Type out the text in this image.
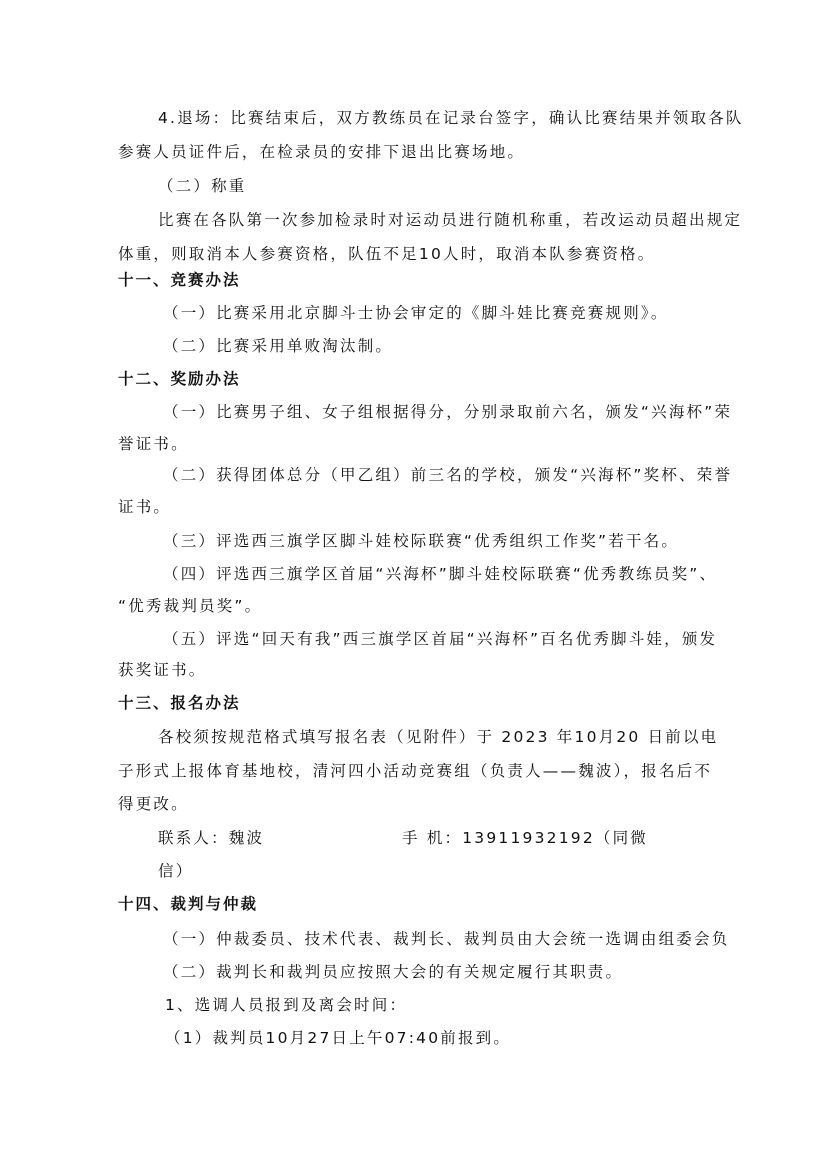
4.退场：比赛结束后，双方教练员在记录台签字，确认比赛结果并领取各队
参赛人员证件后，在检录员的安排下退出比赛场地。
（二）称重
比赛在各队第一次参加检录时对运动员进行随机称重，若改运动员超出规定
体重，则取消本人参赛资格，队伍不足10人时，取消本队参赛资格。
十一、竞赛办法
（一）比赛采用北京脚斗士协会审定的《脚斗娃比赛竞赛规则》。
（二）比赛采用单败淘汰制。
十二、奖励办法
（一）比赛男子组、女子组根据得分，分别录取前六名，颁发“兴海杯”荣
誉证书。
（二）获得团体总分（甲乙组）前三名的学校，颁发“兴海杯”奖杯、荣誉
证书。
（三）评选西三旗学区脚斗娃校际联赛“优秀组织工作奖”若干名。
（四）评选西三旗学区首届“兴海杯”脚斗娃校际联赛“优秀教练员奖”、
“优秀裁判员奖”。
（五）评选“回天有我”西三旗学区首届“兴海杯”百名优秀脚斗娃，颁发
获奖证书。
十三、报名办法
各校须按规范格式填写报名表（见附件）于 2023 年10月20 日前以电
子形式上报体育基地校，清河四小活动竞赛组（负责人——魏波），报名后不
得更改。
联系人：魏波	手 机：13911932192（同微
信）
十四、裁判与仲裁
（一）仲裁委员、技术代表、裁判长、裁判员由大会统一选调由组委会负
（二）裁判长和裁判员应按照大会的有关规定履行其职责。
1、选调人员报到及离会时间：
（1）裁判员10月27日上午07:40前报到。
